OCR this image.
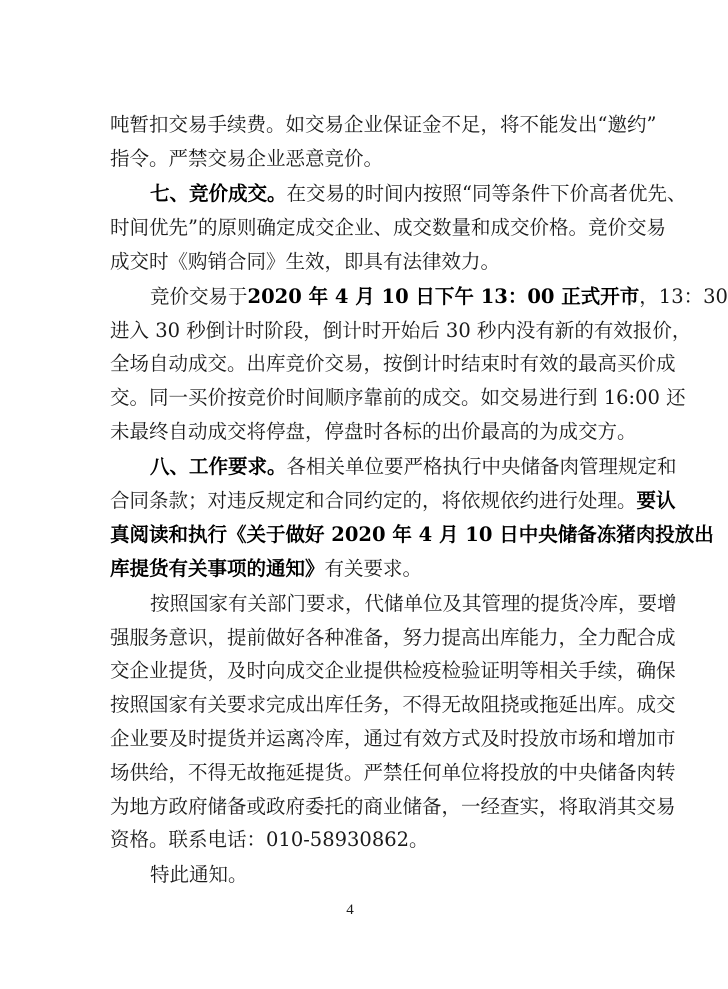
吨暂扣交易手续费。如交易企业保证金不足，将不能发出“邀约”
指令。严禁交易企业恶意竞价。
七、竞价成交。在交易的时间内按照“同等条件下价高者优先、
时间优先”的原则确定成交企业、成交数量和成交价格。竞价交易
成交时《购销合同》生效，即具有法律效力。
竞价交易于2020 年 4 月 10 日下午 13：00 正式开市，13：30
进入 30 秒倒计时阶段，倒计时开始后 30 秒内没有新的有效报价，
全场自动成交。出库竞价交易，按倒计时结束时有效的最高买价成
交。同一买价按竞价时间顺序靠前的成交。如交易进行到 16:00 还
未最终自动成交将停盘，停盘时各标的出价最高的为成交方。
八、工作要求。各相关单位要严格执行中央储备肉管理规定和
合同条款；对违反规定和合同约定的，将依规依约进行处理。要认
真阅读和执行《关于做好 2020 年 4 月 10 日中央储备冻猪肉投放出
库提货有关事项的通知》有关要求。
按照国家有关部门要求，代储单位及其管理的提货冷库，要增
强服务意识，提前做好各种准备，努力提高出库能力，全力配合成
交企业提货，及时向成交企业提供检疫检验证明等相关手续，确保
按照国家有关要求完成出库任务，不得无故阻挠或拖延出库。成交
企业要及时提货并运离冷库，通过有效方式及时投放市场和增加市
场供给，不得无故拖延提货。严禁任何单位将投放的中央储备肉转
为地方政府储备或政府委托的商业储备，一经查实，将取消其交易
资格。联系电话：010-58930862。
特此通知。
4
